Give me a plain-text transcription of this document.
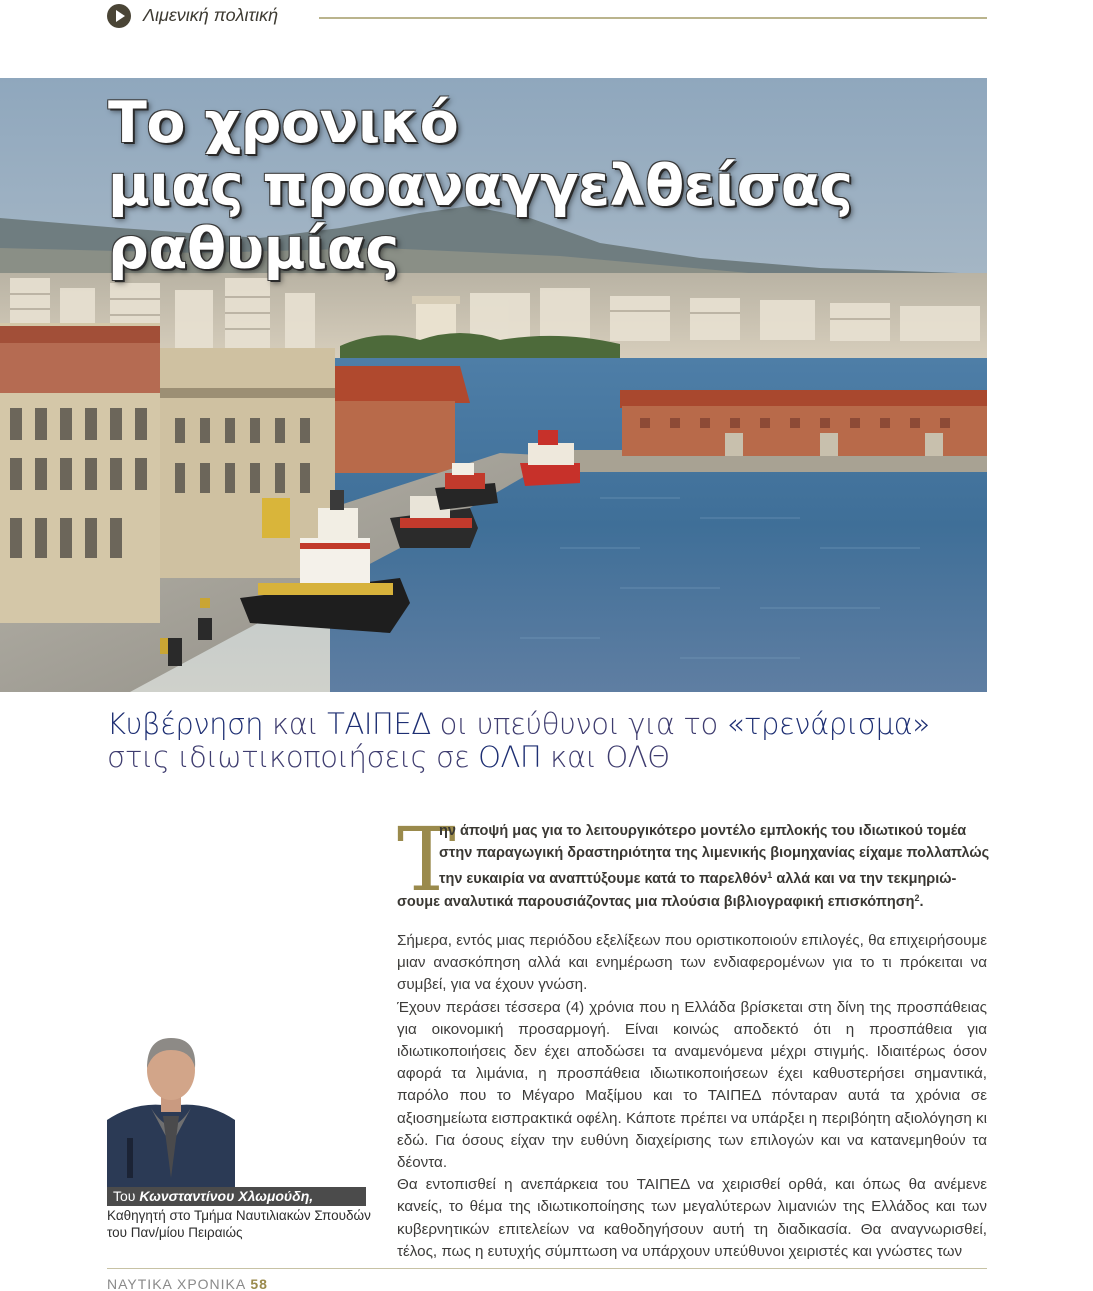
Λιμενική πολιτική
Το χρονικό
μιας προαναγγελθείσας
ραθυμίας
Κυβέρνηση και ΤΑΙΠΕΔ οι υπεύθυνοι για το «τρενάρισμα»
στις ιδιωτικοποιήσεις σε ΟΛΠ και ΟΛΘ
Τ
ην άποψή μας για το λειτουργικότερο μοντέλο εμπλοκής του ιδιωτικού τομέα
στην παραγωγική δραστηριότητα της λιμενικής βιομηχανίας είχαμε πολλαπλώς
την ευκαιρία να αναπτύξουμε κατά το παρελθόν$^1$ αλλά και να την τεκμηριώ-
σουμε αναλυτικά παρουσιάζοντας μια πλούσια βιβλιογραφική επισκόπηση$^2$.

Σήμερα, εντός μιας περιόδου εξελίξεων που οριστικοποιούν επιλογές, θα επιχειρήσουμε μιαν ανασκόπηση αλλά και ενημέρωση των ενδιαφερομένων για το τι πρόκειται να συμβεί, για να έχουν γνώση.

Έχουν περάσει τέσσερα (4) χρόνια που η Ελλάδα βρίσκεται στη δίνη της προσπάθειας για οικονομική προσαρμογή. Είναι κοινώς αποδεκτό ότι η προσπάθεια για ιδιωτικοποιήσεις δεν έχει αποδώσει τα αναμενόμενα μέχρι στιγμής. Ιδιαιτέρως όσον αφορά τα λιμάνια, η προσπάθεια ιδιωτικοποιήσεων έχει καθυστερήσει σημαντικά, παρόλο που το Μέγαρο Μαξίμου και το ΤΑΙΠΕΔ πόνταραν αυτά τα χρόνια σε αξιοσημείωτα εισπρακτικά οφέλη. Κάποτε πρέπει να υπάρξει η περιβόητη αξιολόγηση κι εδώ. Για όσους είχαν την ευθύνη διαχείρισης των επιλογών και να κατανεμηθούν τα δέοντα.

Θα εντοπισθεί η ανεπάρκεια του ΤΑΙΠΕΔ να χειρισθεί ορθά, και όπως θα ανέμενε κανείς, το θέμα της ιδιωτικοποίησης των μεγαλύτερων λιμανιών της Ελλάδος και των κυβερνητικών επιτελείων να καθοδηγήσουν αυτή τη διαδικασία. Θα αναγνωρισθεί, τέλος, πως η ευτυχής σύμπτωση να υπάρχουν υπεύθυνοι χειριστές και γνώστες των

Του Κωνσταντίνου Χλωμούδη,
Καθηγητή στο Τμήμα Ναυτιλιακών Σπουδών
του Παν/μίου Πειραιώς
ΝΑΥΤΙΚΑ ΧΡΟΝΙΚΑ 58
